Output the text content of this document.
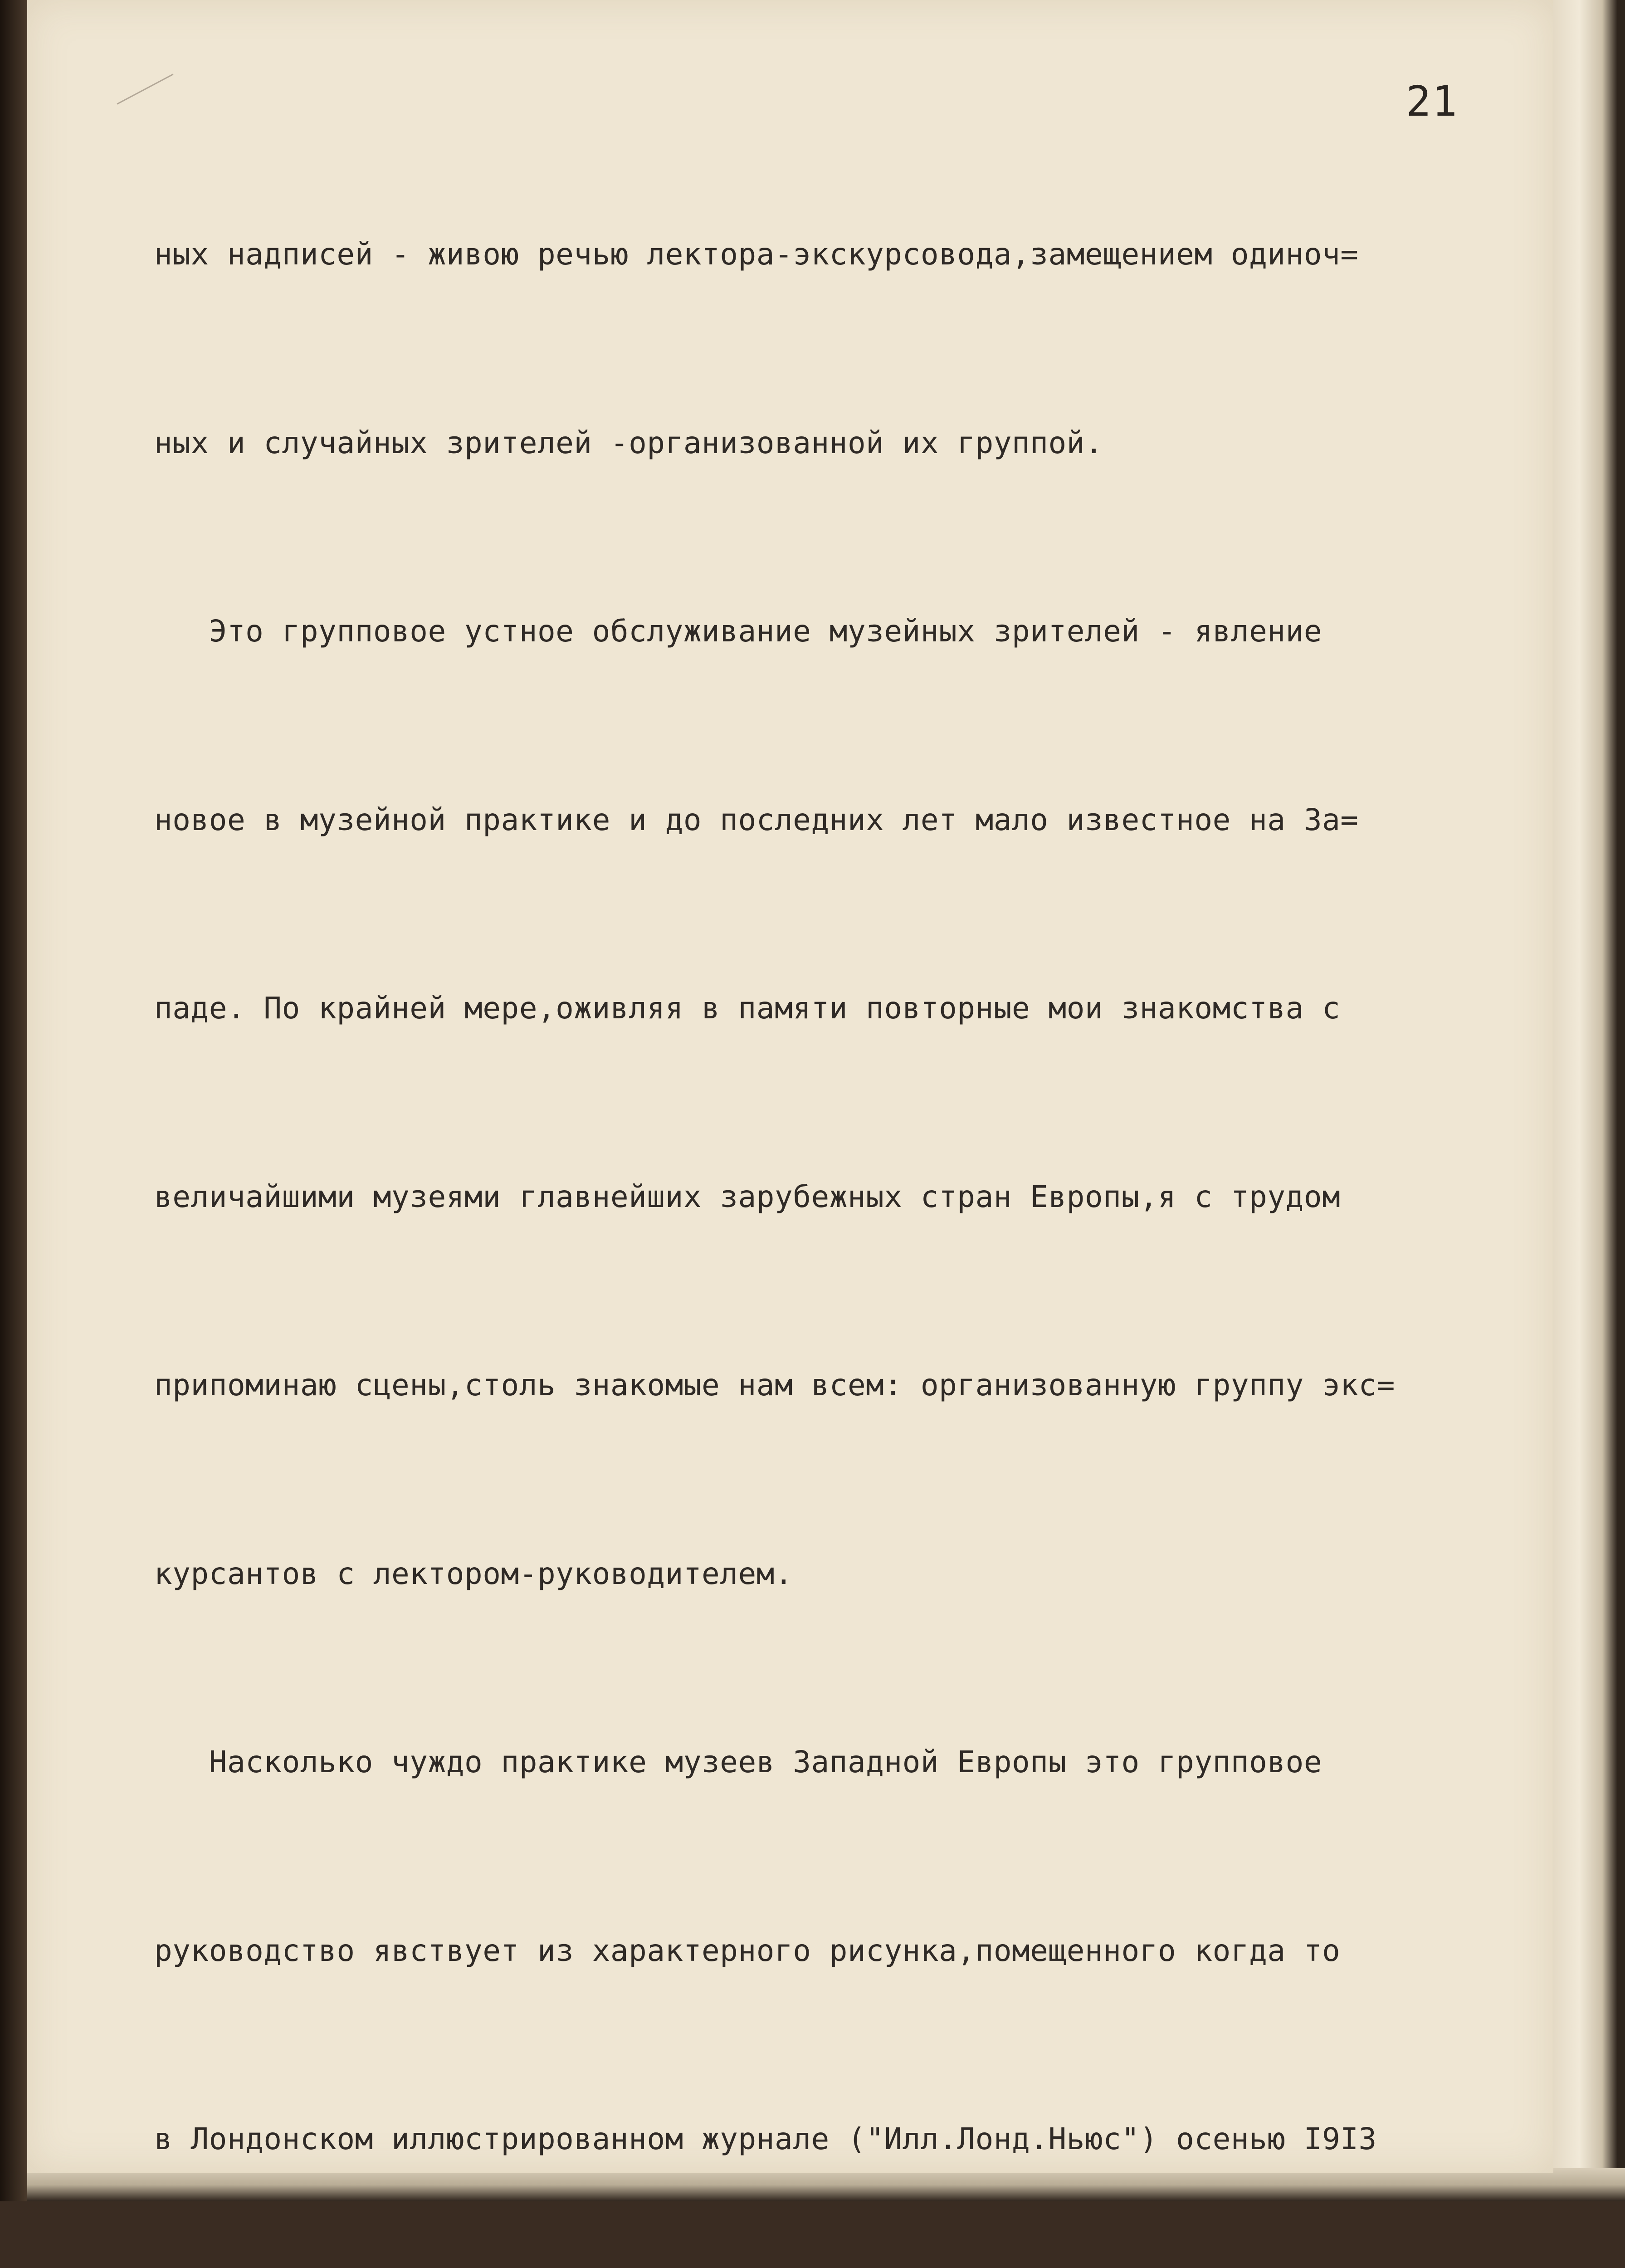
21

ных надписей - живою речью лектора-экскурсовода,замещением одиноч=

ных и случайных зрителей -организованной их группой.

Это групповое устное обслуживание музейных зрителей - явление

новое в музейной практике и до последних лет мало известное на За=

паде. По крайней мере,оживляя в памяти повторные мои знакомства с

величайшими музеями главнейших зарубежных стран Европы,я с трудом

припоминаю сцены,столь знакомые нам всем: организованную группу экс=

курсантов с лектором-руководителем.

Насколько чуждо практике музеев Западной Европы это групповое

руководство явствует из характерного рисунка,помещенного когда то

в Лондонском иллюстрированном журнале ("Илл.Лонд.Ньюс") осенью I9I3
